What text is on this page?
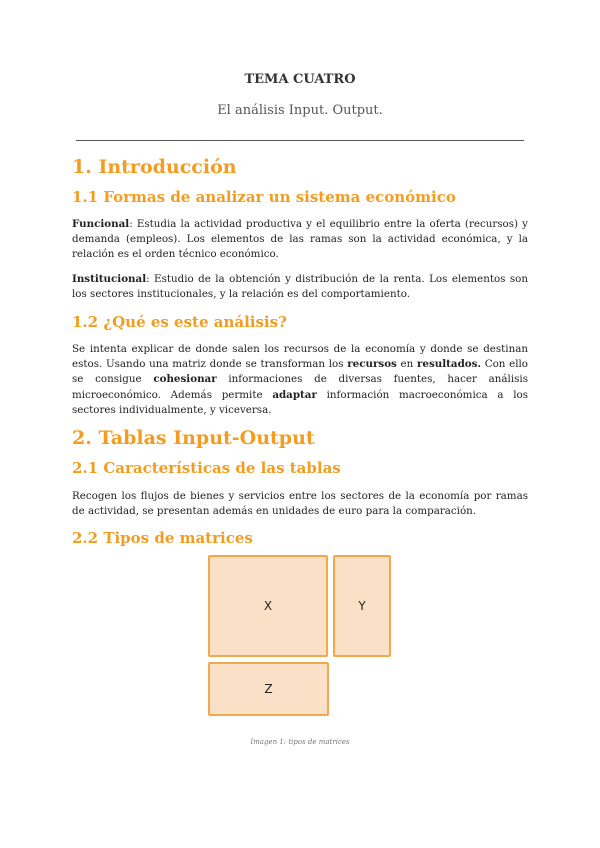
TEMA CUATRO
El análisis Input. Output.
1. Introducción
1.1 Formas de analizar un sistema económico
Funcional: Estudia la actividad productiva y el equilibrio entre la oferta (recursos) y demanda (empleos). Los elementos de las ramas son la actividad económica, y la relación es el orden técnico económico.
Institucional: Estudio de la obtención y distribución de la renta. Los elementos son los sectores institucionales, y la relación es del comportamiento.
1.2 ¿Qué es este análisis?
Se intenta explicar de donde salen los recursos de la economía y donde se destinan estos. Usando una matriz donde se transforman los recursos en resultados. Con ello se consigue cohesionar informaciones de diversas fuentes, hacer análisis microeconómico. Además permite adaptar información macroeconómica a los sectores individualmente, y viceversa.
2. Tablas Input-Output
2.1 Características de las tablas
Recogen los flujos de bienes y servicios entre los sectores de la economía por ramas de actividad, se presentan además en unidades de euro para la comparación.
2.2 Tipos de matrices
X	Y
Z
Imagen 1: tipos de matrices
